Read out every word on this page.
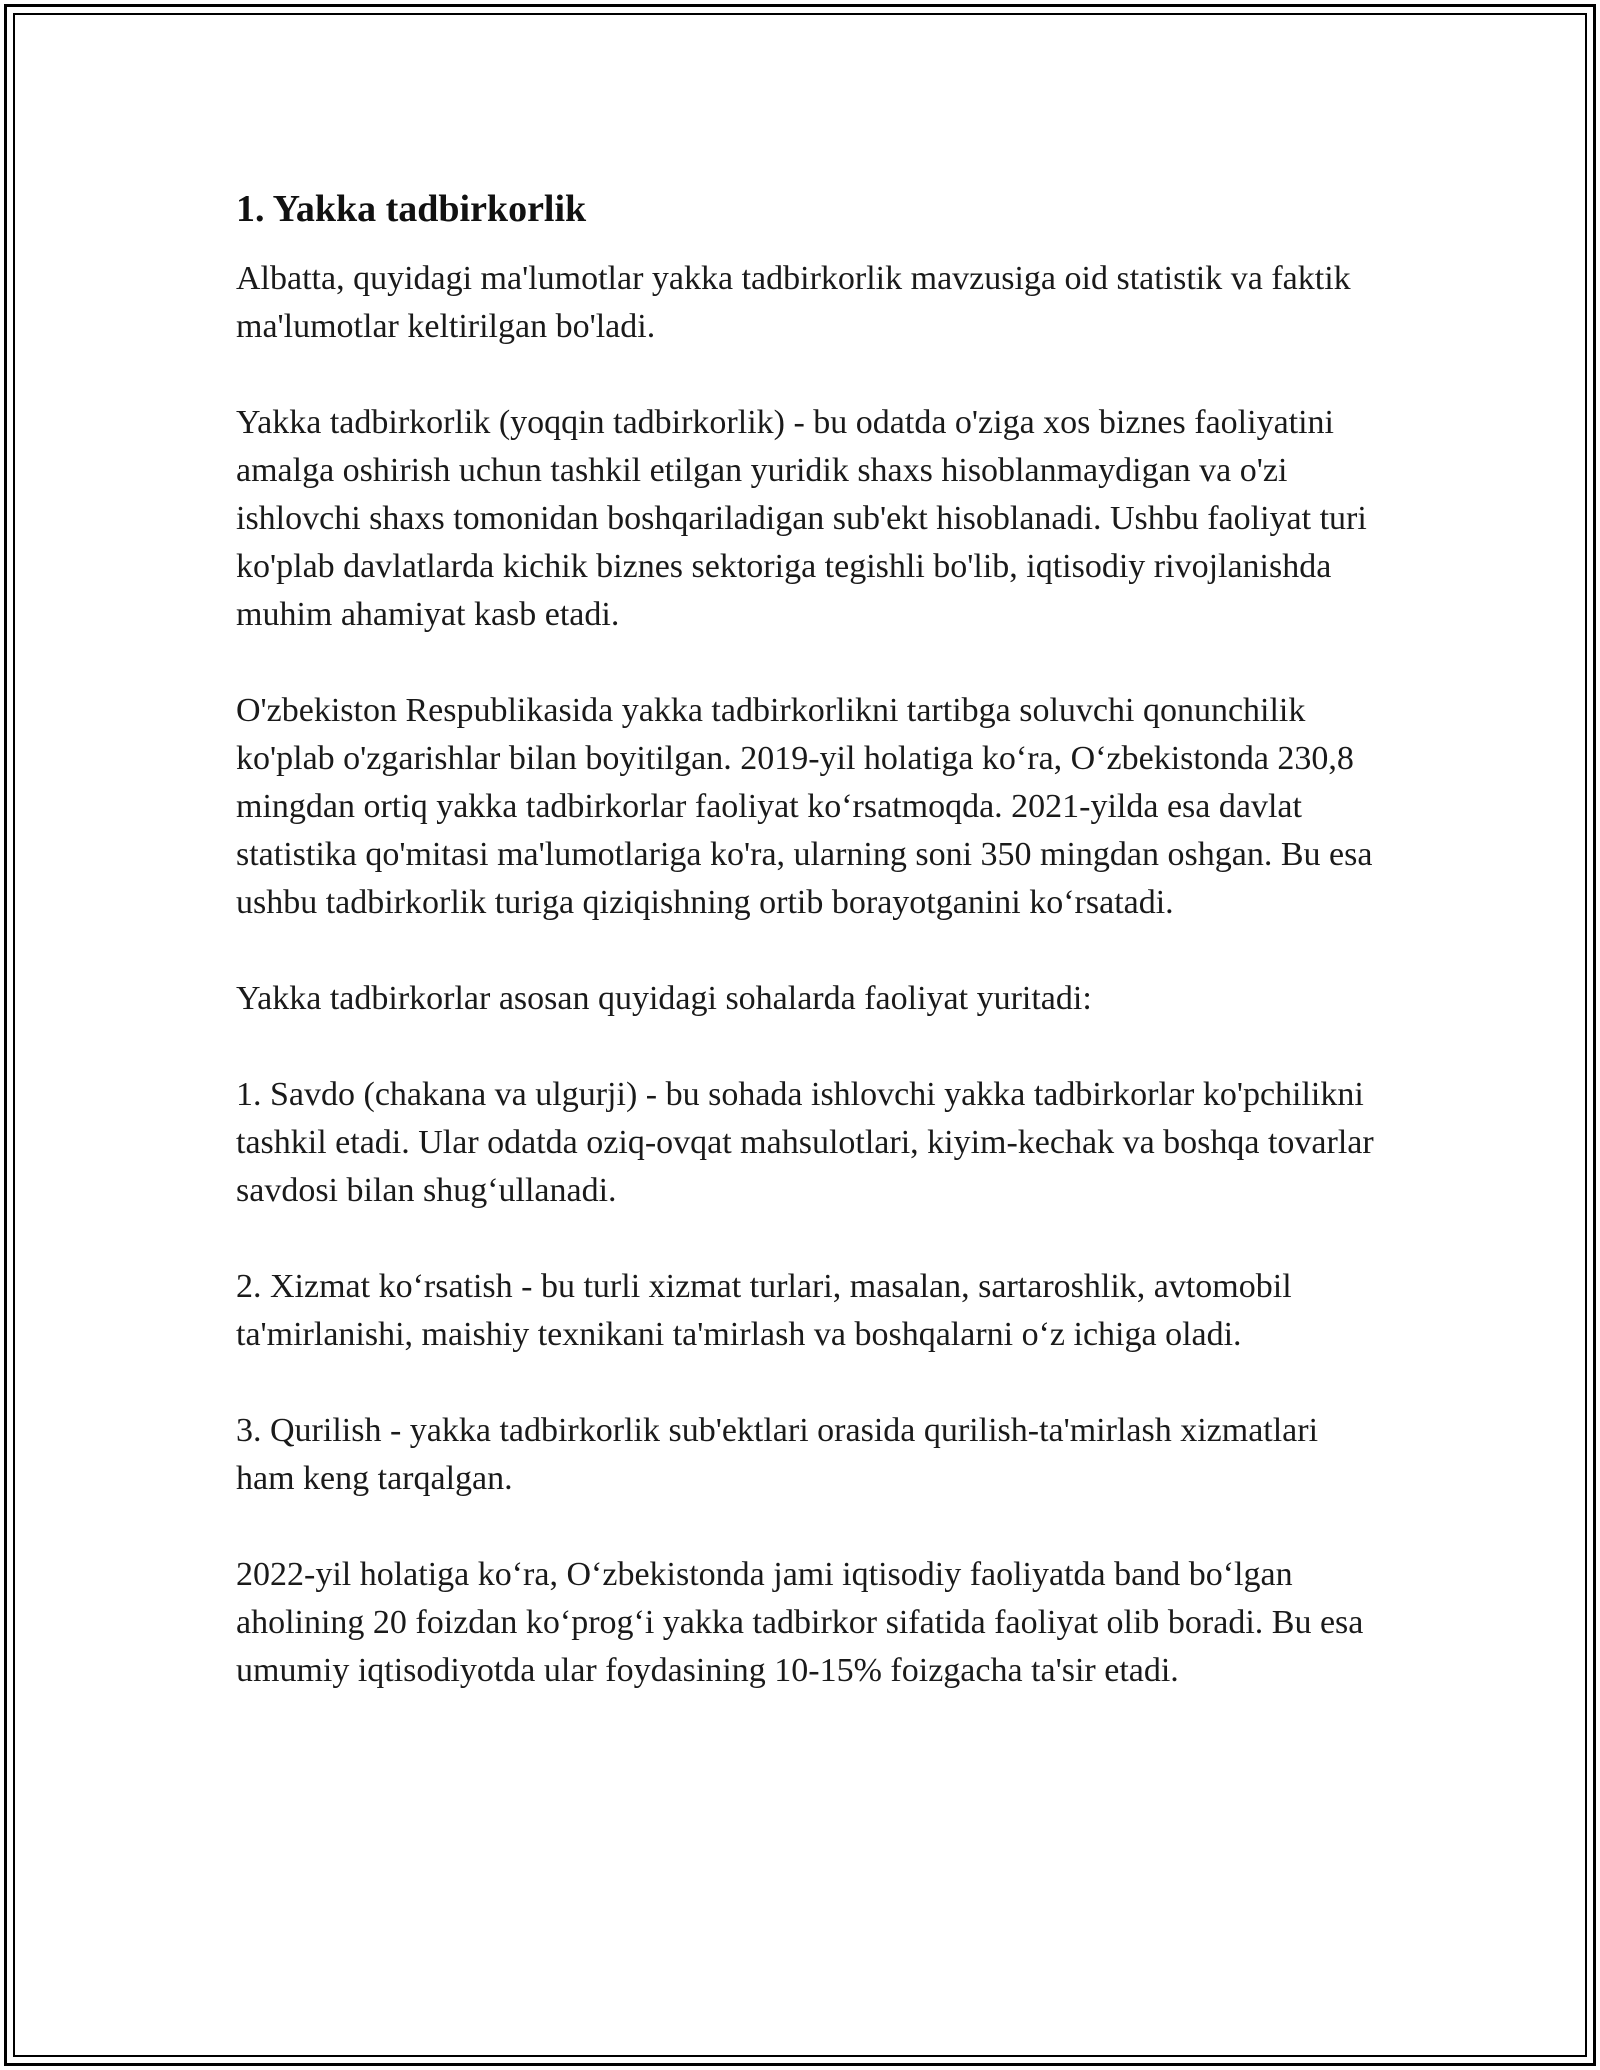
1. Yakka tadbirkorlik

Albatta, quyidagi ma'lumotlar yakka tadbirkorlik mavzusiga oid statistik va faktik ma'lumotlar keltirilgan bo'ladi.

Yakka tadbirkorlik (yoqqin tadbirkorlik) - bu odatda o'ziga xos biznes faoliyatini amalga oshirish uchun tashkil etilgan yuridik shaxs hisoblanmaydigan va o'zi ishlovchi shaxs tomonidan boshqariladigan sub'ekt hisoblanadi. Ushbu faoliyat turi ko'plab davlatlarda kichik biznes sektoriga tegishli bo'lib, iqtisodiy rivojlanishda muhim ahamiyat kasb etadi.

O'zbekiston Respublikasida yakka tadbirkorlikni tartibga soluvchi qonunchilik ko'plab o'zgarishlar bilan boyitilgan. 2019-yil holatiga ko‘ra, O‘zbekistonda 230,8 mingdan ortiq yakka tadbirkorlar faoliyat ko‘rsatmoqda. 2021-yilda esa davlat statistika qo'mitasi ma'lumotlariga ko'ra, ularning soni 350 mingdan oshgan. Bu esa ushbu tadbirkorlik turiga qiziqishning ortib borayotganini ko‘rsatadi.

Yakka tadbirkorlar asosan quyidagi sohalarda faoliyat yuritadi:

1. Savdo (chakana va ulgurji) - bu sohada ishlovchi yakka tadbirkorlar ko'pchilikni tashkil etadi. Ular odatda oziq-ovqat mahsulotlari, kiyim-kechak va boshqa tovarlar savdosi bilan shug‘ullanadi.

2. Xizmat ko‘rsatish - bu turli xizmat turlari, masalan, sartaroshlik, avtomobil ta'mirlanishi, maishiy texnikani ta'mirlash va boshqalarni o‘z ichiga oladi.

3. Qurilish - yakka tadbirkorlik sub'ektlari orasida qurilish-ta'mirlash xizmatlari ham keng tarqalgan.

2022-yil holatiga ko‘ra, O‘zbekistonda jami iqtisodiy faoliyatda band bo‘lgan aholining 20 foizdan ko‘prog‘i yakka tadbirkor sifatida faoliyat olib boradi. Bu esa umumiy iqtisodiyotda ular foydasining 10-15% foizgacha ta'sir etadi.
